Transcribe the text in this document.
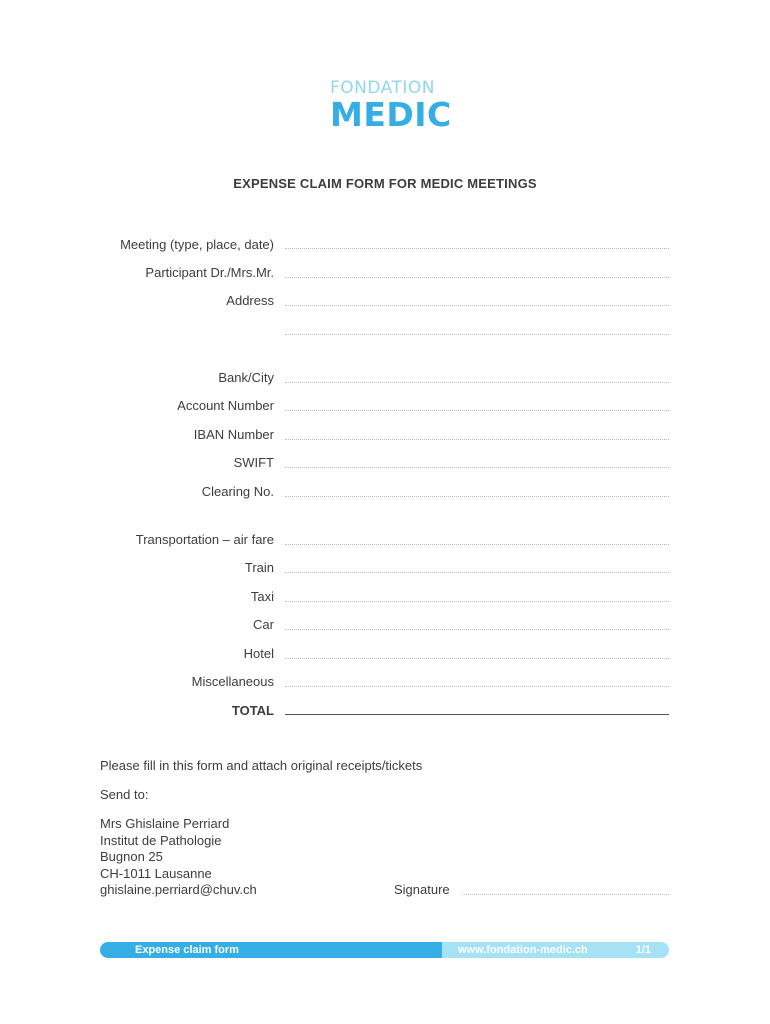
FONDATION
MEDIC
EXPENSE CLAIM FORM FOR MEDIC MEETINGS
Meeting (type, place, date)
Participant Dr./Mrs.Mr.
Address
Bank/City
Account Number
IBAN Number
SWIFT
Clearing No.
Transportation – air fare
Train
Taxi
Car
Hotel
Miscellaneous
TOTAL
Please fill in this form and attach original receipts/tickets
Send to:
Mrs Ghislaine Perriard
Institut de Pathologie
Bugnon 25
CH-1011 Lausanne
ghislaine.perriard@chuv.ch	Signature
Expense claim form	www.fondation-medic.ch	1/1
